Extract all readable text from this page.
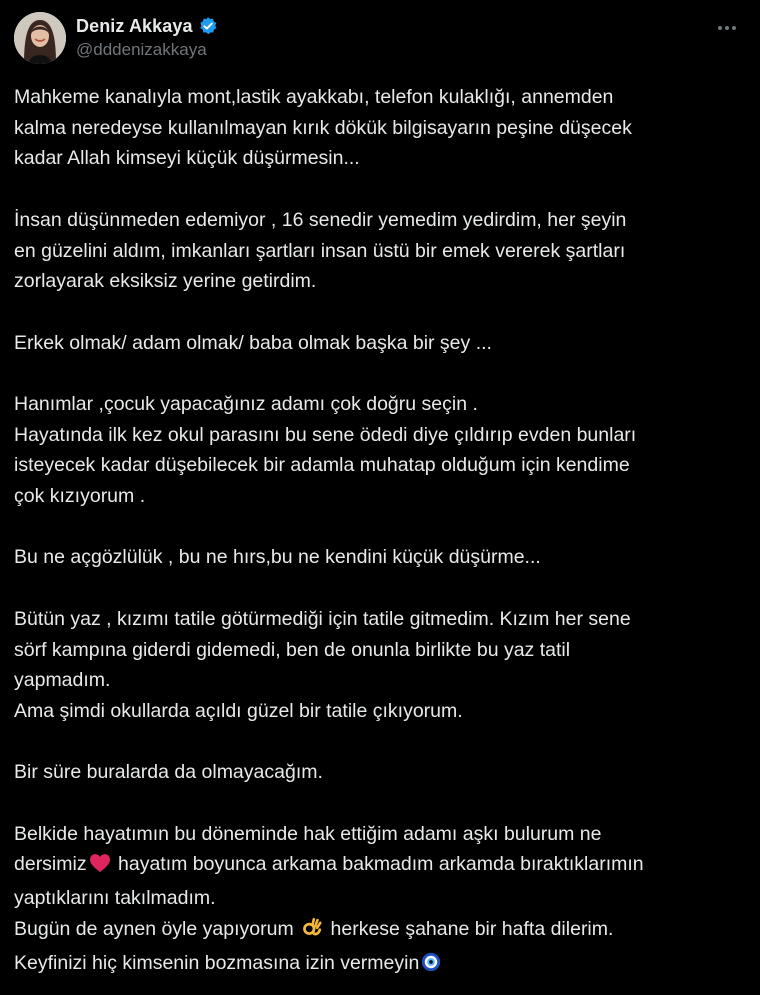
Deniz Akkaya
@dddenizakkaya

Mahkeme kanalıyla mont,lastik ayakkabı, telefon kulaklığı, annemden

kalma neredeyse kullanılmayan kırık dökük bilgisayarın peşine düşecek

kadar Allah kimseyi küçük düşürmesin...

İnsan düşünmeden edemiyor , 16 senedir yemedim yedirdim, her şeyin

en güzelini aldım, imkanları şartları insan üstü bir emek vererek şartları

zorlayarak eksiksiz yerine getirdim.

Erkek olmak/ adam olmak/ baba olmak başka bir şey ...

Hanımlar ,çocuk yapacağınız adamı çok doğru seçin .

Hayatında ilk kez okul parasını bu sene ödedi diye çıldırıp evden bunları

isteyecek kadar düşebilecek bir adamla muhatap olduğum için kendime

çok kızıyorum .

Bu ne açgözlülük , bu ne hırs,bu ne kendini küçük düşürme...

Bütün yaz , kızımı tatile götürmediği için tatile gitmedim. Kızım her sene

sörf kampına giderdi gidemedi, ben de onunla birlikte bu yaz tatil

yapmadım.

Ama şimdi okullarda açıldı güzel bir tatile çıkıyorum.

Bir süre buralarda da olmayacağım.

Belkide hayatımın bu döneminde hak ettiğim adamı aşkı bulurum ne

dersimiz hayatım boyunca arkama bakmadım arkamda bıraktıklarımın

yaptıklarını takılmadım.

Bugün de aynen öyle yapıyorum  herkese şahane bir hafta dilerim.

Keyfinizi hiç kimsenin bozmasına izin vermeyin
